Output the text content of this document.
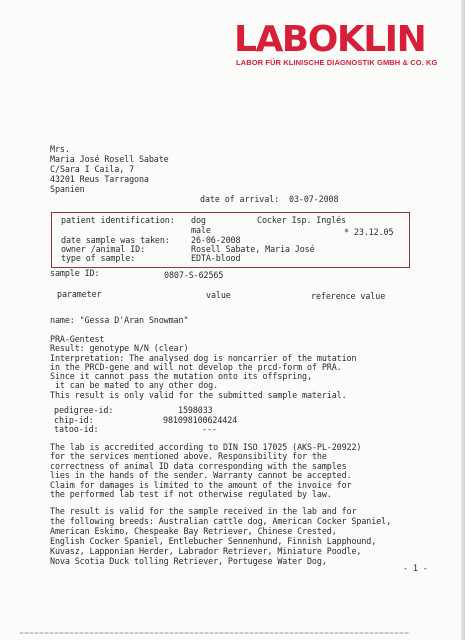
LABOKLIN
LABOR FÜR KLINISCHE DIAGNOSTIK GMBH & CO. KG
Mrs.
Maria José Rosell Sabate
C/Sara I Caila, 7
43201 Reus Tarragona
Spanien
date of arrival: 03-07-2008
patient identification: dog	Cocker Isp. Inglés
male	* 23.12.05
date sample was taken:	26-06-2008
owner /animal ID:	Rosell Sabate, Maria José
type of sample:	EDTA-blood
sample ID:	0807-S-62565
parameter	value	reference value
name: "Gessa D'Aran Snowman"
PRA-Gentest
Result: genotype N/N (clear)
Interpretation: The analysed dog is noncarrier of the mutation
in the PRCD-gene and will not develop the prcd-form of PRA.
Since it cannot pass the mutation onto its offspring,
it can be mated to any other dog.
This result is only valid for the submitted sample material.
pedigree-id:	1598033
chip-id:	981098100624424
tatoo-id:	---
The lab is accredited according to DIN ISO 17025 (AKS-PL-20922)
for the services mentioned above. Responsibility for the
correctness of animal ID data corresponding with the samples
lies in the hands of the sender. Warranty cannot be accepted.
Claim for damages is limited to the amount of the invoice for
the performed lab test if not otherwise regulated by law.
The result is valid for the sample received in the lab and for
the following breeds: Australian cattle dog, American Cocker Spaniel,
American Eskimo, Chespeake Bay Retriever, Chinese Crested,
English Cocker Spaniel, Entlebucher Sennenhund, Finnish Lapphound,
Kuvasz, Lapponian Herder, Labrador Retriever, Miniature Poodle,
Nova Scotia Duck tolling Retriever, Portugese Water Dog,
- 1 -
